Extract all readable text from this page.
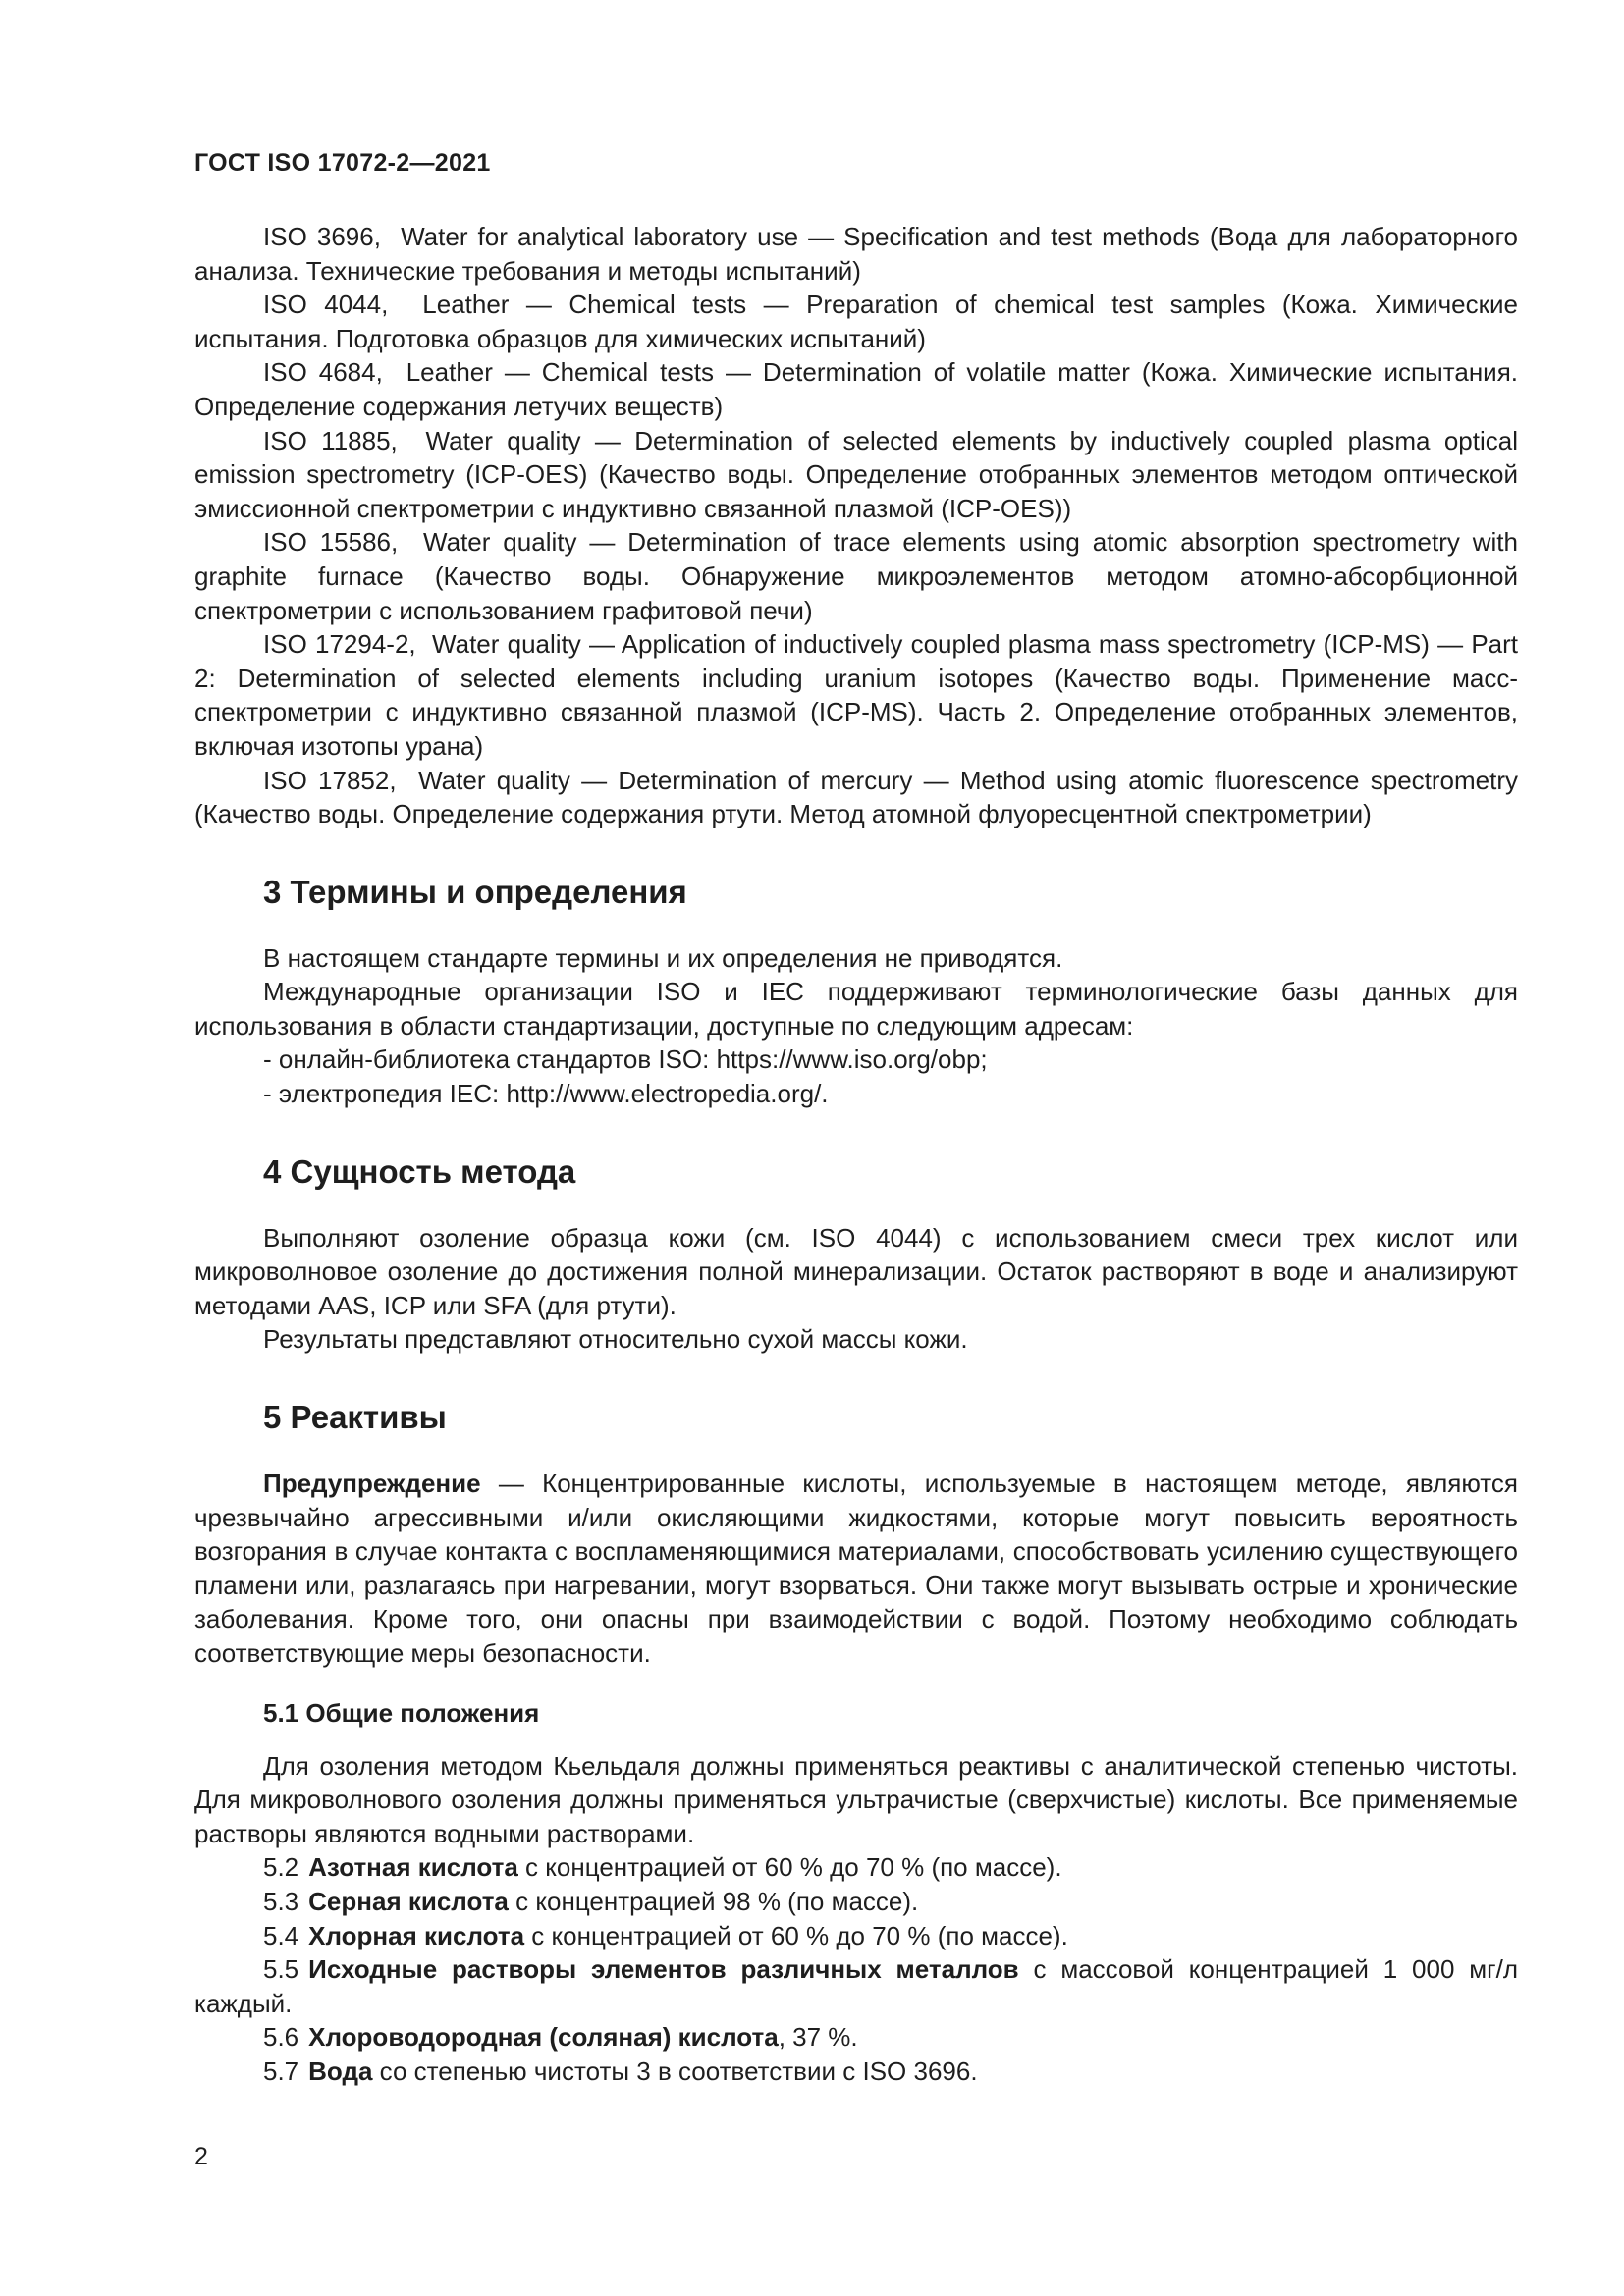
ГОСТ ISO 17072-2—2021

ISO 3696, Water for analytical laboratory use — Specification and test methods (Вода для лабораторного анализа. Технические требования и методы испытаний)

ISO 4044, Leather — Chemical tests — Preparation of chemical test samples (Кожа. Химические испытания. Подготовка образцов для химических испытаний)

ISO 4684, Leather — Chemical tests — Determination of volatile matter (Кожа. Химические испытания. Определение содержания летучих веществ)

ISO 11885, Water quality — Determination of selected elements by inductively coupled plasma optical emission spectrometry (ICP-OES) (Качество воды. Определение отобранных элементов методом оптической эмиссионной спектрометрии с индуктивно связанной плазмой (ICP-OES))

ISO 15586, Water quality — Determination of trace elements using atomic absorption spectrometry with graphite furnace (Качество воды. Обнаружение микроэлементов методом атомно-абсорбционной спектрометрии с использованием графитовой печи)

ISO 17294-2, Water quality — Application of inductively coupled plasma mass spectrometry (ICP-MS) — Part 2: Determination of selected elements including uranium isotopes (Качество воды. Применение масс-спектрометрии с индуктивно связанной плазмой (ICP-MS). Часть 2. Определение отобранных элементов, включая изотопы урана)

ISO 17852, Water quality — Determination of mercury — Method using atomic fluorescence spectrometry (Качество воды. Определение содержания ртути. Метод атомной флуоресцентной спектрометрии)

3 Термины и определения

В настоящем стандарте термины и их определения не приводятся.

Международные организации ISO и IEC поддерживают терминологические базы данных для использования в области стандартизации, доступные по следующим адресам:

- онлайн-библиотека стандартов ISO: https://www.iso.org/obp;

- электропедия IEC: http://www.electropedia.org/.

4 Сущность метода

Выполняют озоление образца кожи (см. ISO 4044) с использованием смеси трех кислот или микроволновое озоление до достижения полной минерализации. Остаток растворяют в воде и анализируют методами AAS, ICP или SFA (для ртути).

Результаты представляют относительно сухой массы кожи.

5 Реактивы

Предупреждение — Концентрированные кислоты, используемые в настоящем методе, являются чрезвычайно агрессивными и/или окисляющими жидкостями, которые могут повысить вероятность возгорания в случае контакта с воспламеняющимися материалами, способствовать усилению существующего пламени или, разлагаясь при нагревании, могут взорваться. Они также могут вызывать острые и хронические заболевания. Кроме того, они опасны при взаимодействии с водой. Поэтому необходимо соблюдать соответствующие меры безопасности.

5.1 Общие положения

Для озоления методом Кьельдаля должны применяться реактивы с аналитической степенью чистоты. Для микроволнового озоления должны применяться ультрачистые (сверхчистые) кислоты. Все применяемые растворы являются водными растворами.

5.2 Азотная кислота с концентрацией от 60 % до 70 % (по массе).

5.3 Серная кислота с концентрацией 98 % (по массе).

5.4 Хлорная кислота с концентрацией от 60 % до 70 % (по массе).

5.5 Исходные растворы элементов различных металлов с массовой концентрацией 1 000 мг/л каждый.

5.6 Хлороводородная (соляная) кислота, 37 %.

5.7 Вода со степенью чистоты 3 в соответствии с ISO 3696.

2
